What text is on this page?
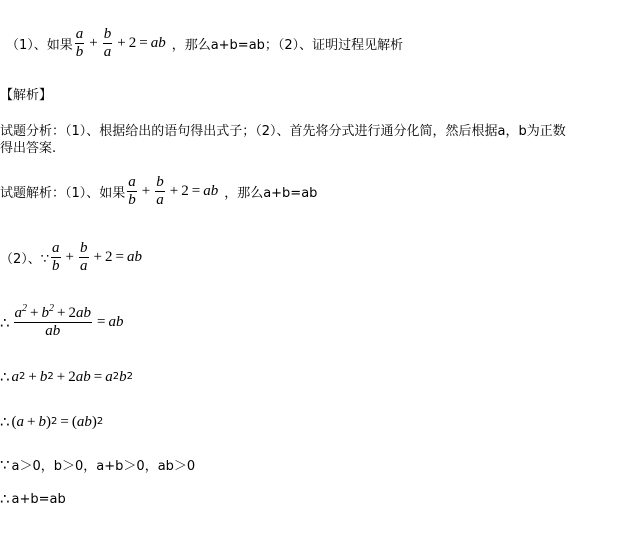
（1）、如果 $\frac{a}{b} + \frac{b}{a} + 2$ = ab ，那么a+b=ab；（2）、证明过程见解析
【解析】
试题分析：（1）、根据给出的语句得出式子；（2）、首先将分式进行通分化简，然后根据a，b为正数
得出答案.
试题解析：（1）、如果 $\frac{a}{b} + \frac{b}{a} + 2$ = ab ，那么a+b=ab
（2）、∵ $\frac{a}{b} + \frac{b}{a} + 2$ = ab
∴ $\frac{a^2 + b^2 + 2ab}{ab}$ = ab
∴ a 2 + b 2 + 2 ab = a 2 b 2
∴ ( a + b ) 2 = ( ab ) 2
∵ a＞0，b＞0，a+b＞0，ab＞0
∴ a+b=ab
